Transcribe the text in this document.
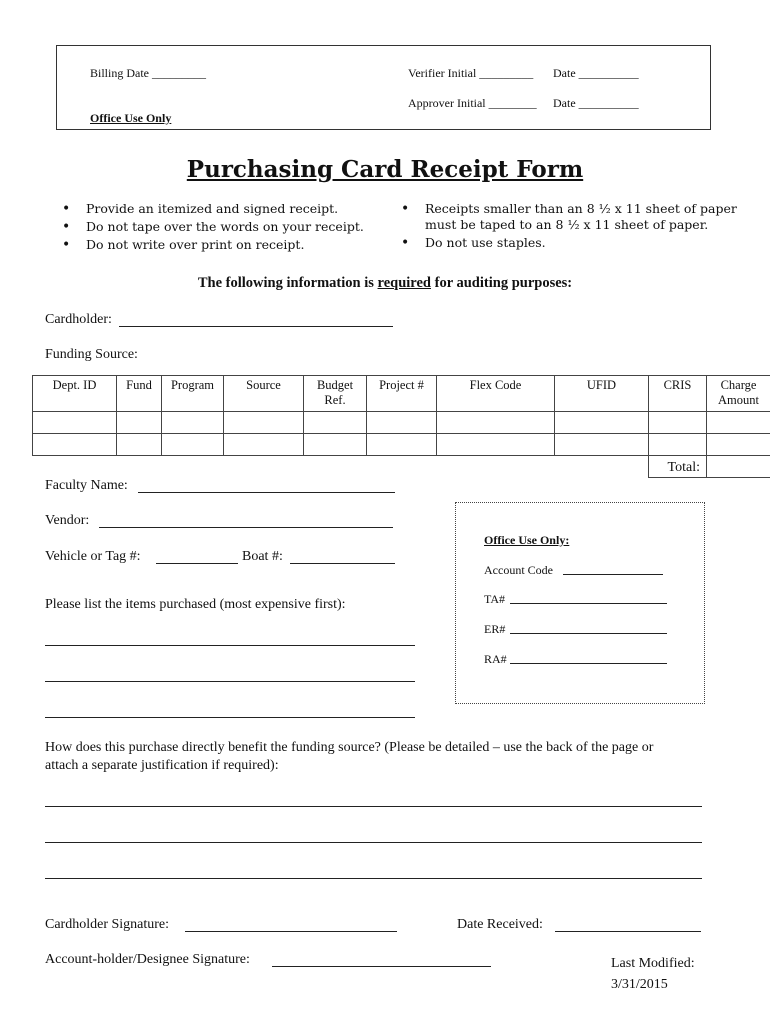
Billing Date _________	Verifier Initial _________ Date __________
Approver Initial ________ Date __________
Office Use Only
Purchasing Card Receipt Form
• Provide an itemized and signed receipt.
• Do not tape over the words on your receipt.
• Do not write over print on receipt.
• Receipts smaller than an 8 ½ x 11 sheet of paper
must be taped to an 8 ½ x 11 sheet of paper.
• Do not use staples.
The following information is required for auditing purposes:
Cardholder:
Funding Source:
Dept. ID	Fund	Program	Source	Budget Ref.	Project #	Flex Code	UFID	CRIS	Charge Amount

								Total:	
Faculty Name:
Vendor:
Vehicle or Tag #:	Boat #:
Please list the items purchased (most expensive first):
Office Use Only:
Account Code
TA#
ER#
RA#
How does this purchase directly benefit the funding source? (Please be detailed – use the back of the page or
attach a separate justification if required):
Cardholder Signature:	Date Received:
Account-holder/Designee Signature:	Last Modified:
3/31/2015
